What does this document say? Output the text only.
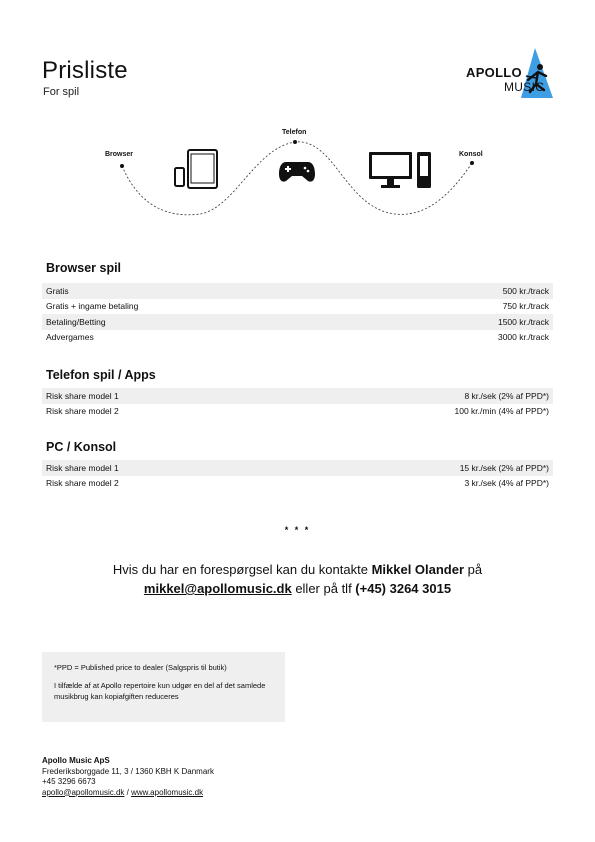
Prisliste
For spil
APOLLO
MUSIC
Browser
Telefon
Konsol
Browser spil
Gratis	500 kr./track
Gratis + ingame betaling	750 kr./track
Betaling/Betting	1500 kr./track
Advergames	3000 kr./track
Telefon spil / Apps
Risk share model 1	8 kr./sek (2% af PPD*)
Risk share model 2	100 kr./min (4% af PPD*)
PC / Konsol
Risk share model 1	15 kr./sek (2% af PPD*)
Risk share model 2	3 kr./sek (4% af PPD*)
* * *
Hvis du har en forespørgsel kan du kontakte Mikkel Olander på
mikkel@apollomusic.dk eller på tlf (+45) 3264 3015

*PPD = Published price to dealer (Salgspris til butik)

I tilfælde af at Apollo repertoire kun udgør en del af det samlede musikbrug kan kopiafgiften reduceres

Apollo Music ApS
Frederiksborggade 11, 3 / 1360 KBH K Danmark
+45 3296 6673
apollo@apollomusic.dk / www.apollomusic.dk
